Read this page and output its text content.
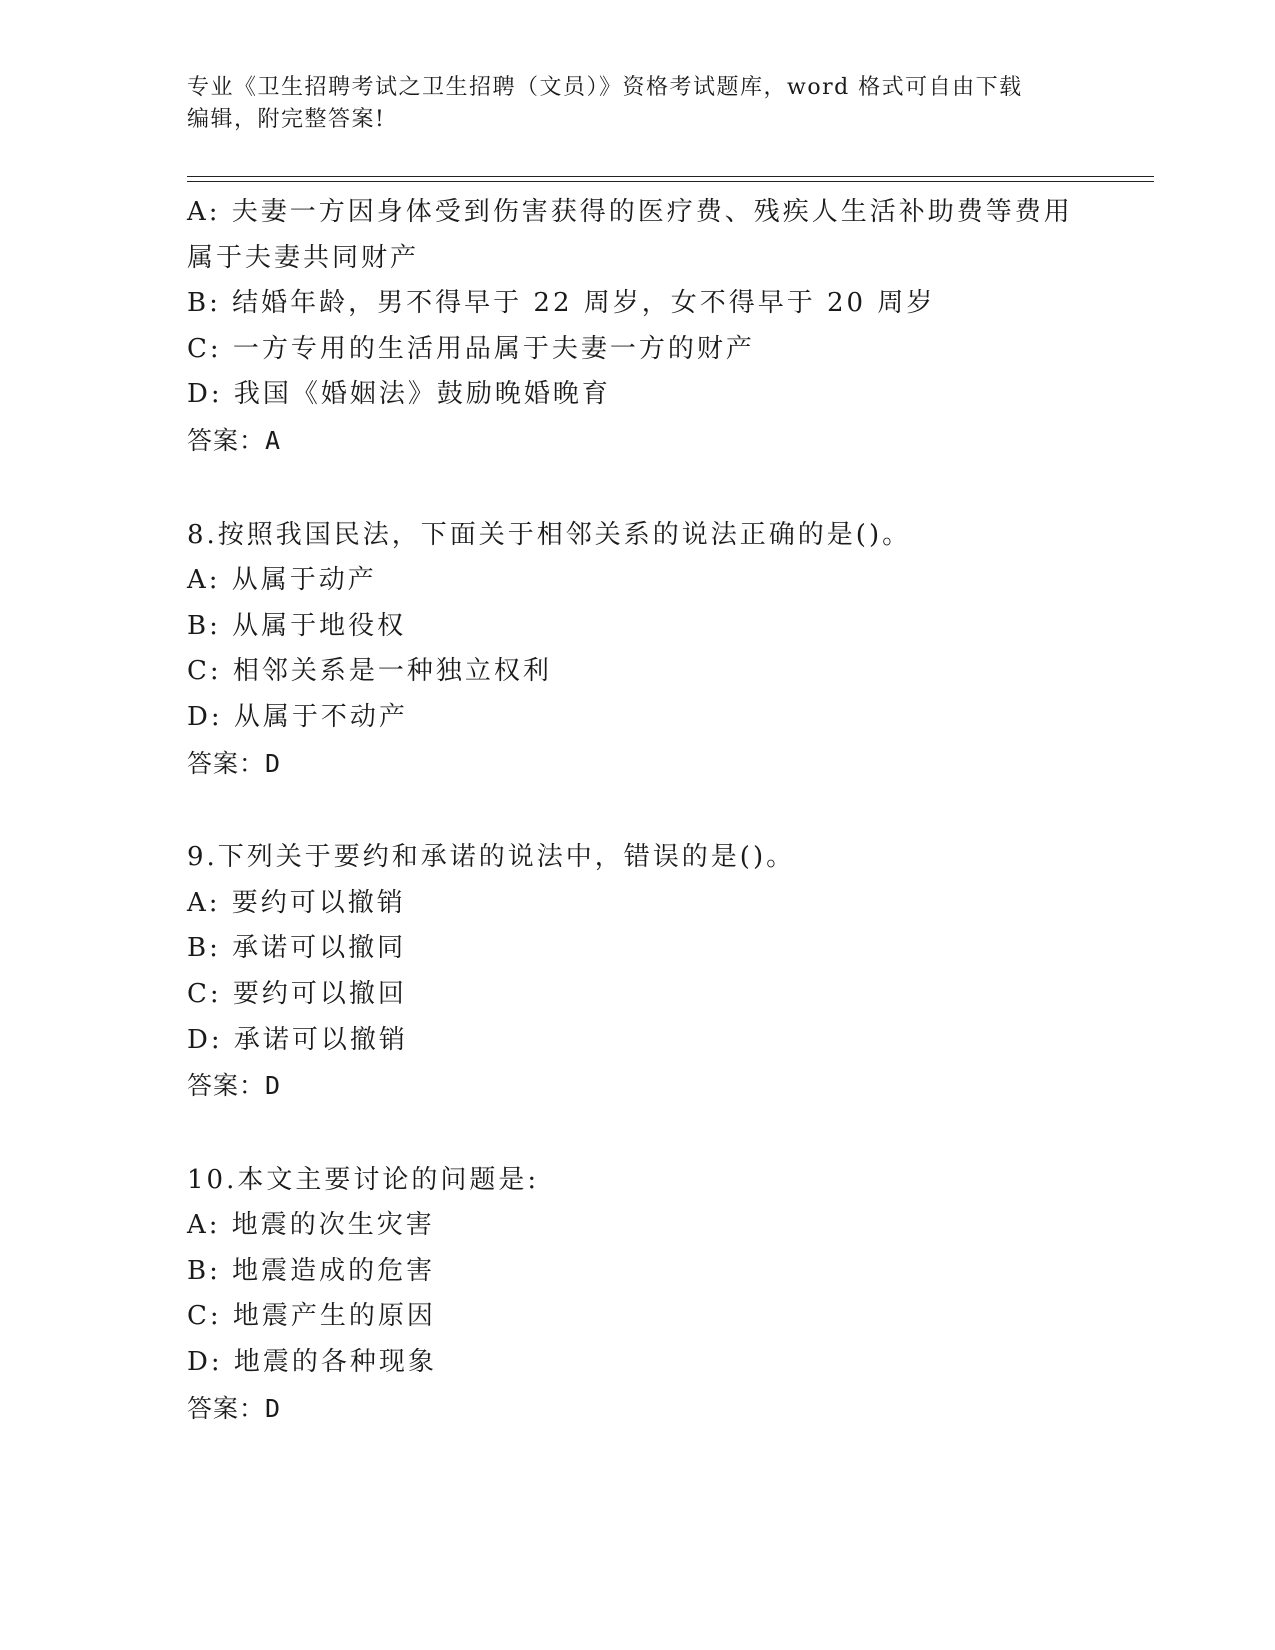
专业《卫生招聘考试之卫生招聘（文员）》资格考试题库，word 格式可自由下载
编辑，附完整答案!
A: 夫妻一方因身体受到伤害获得的医疗费、残疾人生活补助费等费用
属于夫妻共同财产
B: 结婚年龄，男不得早于 22 周岁，女不得早于 20 周岁
C: 一方专用的生活用品属于夫妻一方的财产
D: 我国《婚姻法》鼓励晚婚晚育
答案：A
8.按照我国民法，下面关于相邻关系的说法正确的是()。
A: 从属于动产
B: 从属于地役权
C: 相邻关系是一种独立权利
D: 从属于不动产
答案：D
9.下列关于要约和承诺的说法中，错误的是()。
A: 要约可以撤销
B: 承诺可以撤同
C: 要约可以撤回
D: 承诺可以撤销
答案：D
10.本文主要讨论的问题是:
A: 地震的次生灾害
B: 地震造成的危害
C: 地震产生的原因
D: 地震的各种现象
答案：D
